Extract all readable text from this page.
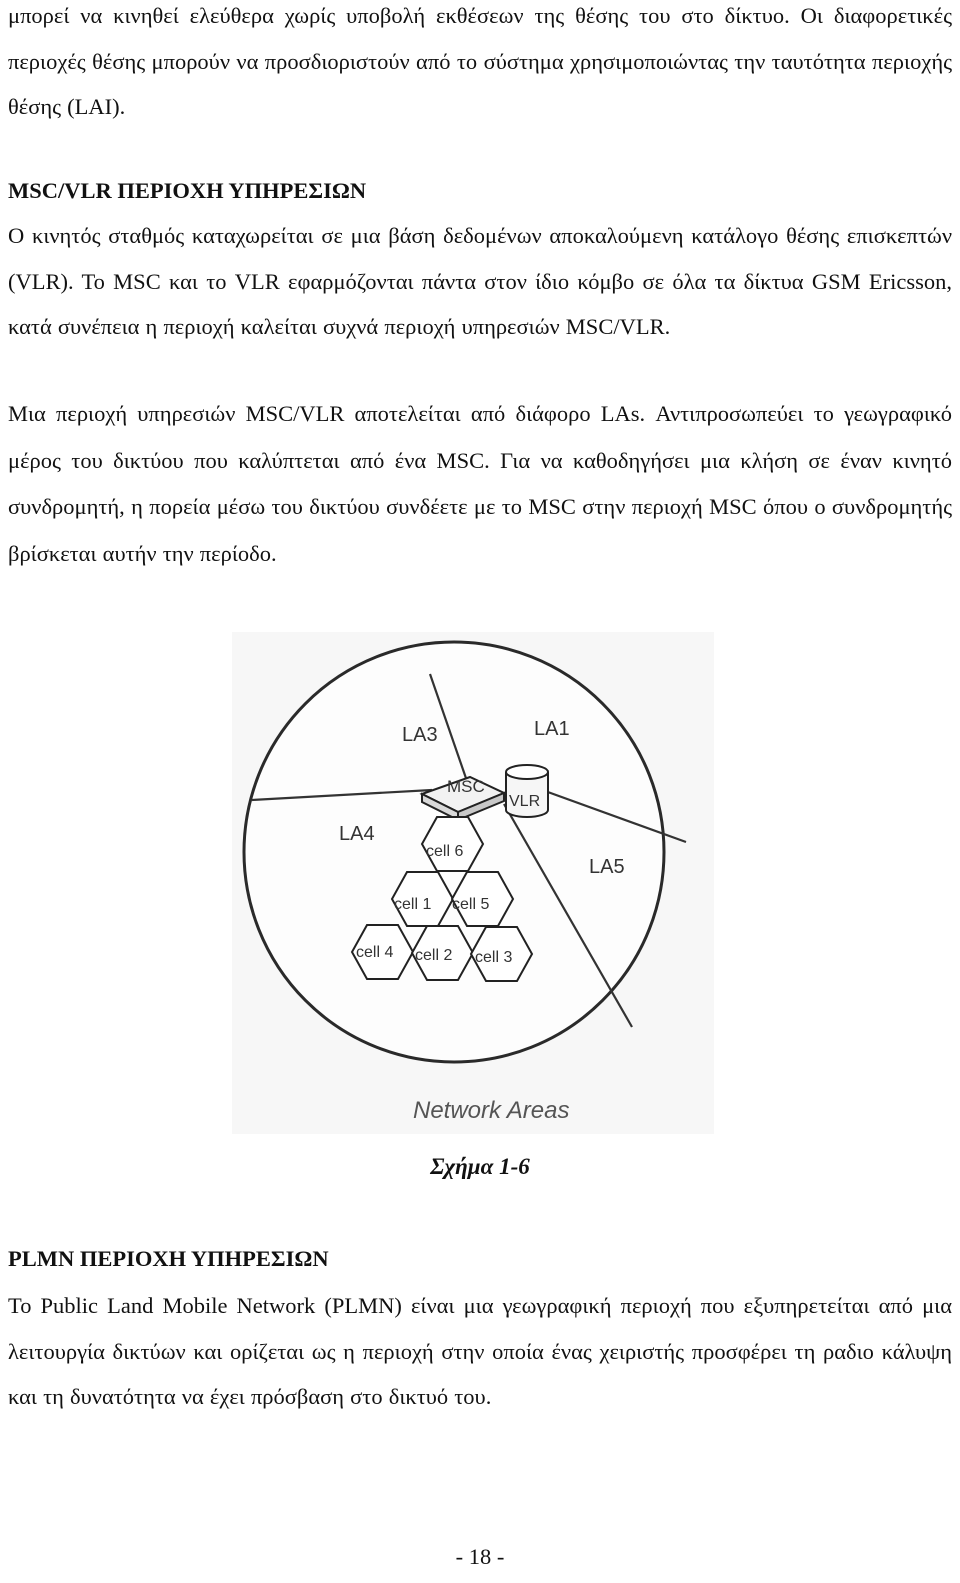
μπορεί να κινηθεί ελεύθερα χωρίς υποβολή εκθέσεων της θέσης του στο δίκτυο. Οι διαφορετικές περιοχές θέσης μπορούν να προσδιοριστούν από το σύστημα χρησιμοποιώντας την ταυτότητα περιοχής θέσης (LAI).
MSC/VLR ΠΕΡΙΟΧΗ ΥΠΗΡΕΣΙΩΝ
Ο κινητός σταθμός καταχωρείται σε μια βάση δεδομένων αποκαλούμενη κατάλογο θέσης επισκεπτών (VLR). Το MSC και το VLR εφαρμόζονται πάντα στον ίδιο κόμβο σε όλα τα δίκτυα GSM Ericsson, κατά συνέπεια η περιοχή καλείται συχνά περιοχή υπηρεσιών MSC/VLR.
Μια περιοχή υπηρεσιών MSC/VLR αποτελείται από διάφορο LAs. Αντιπροσωπεύει το γεωγραφικό μέρος του δικτύου που καλύπτεται από ένα MSC. Για να καθοδηγήσει μια κλήση σε έναν κινητό συνδρομητή, η πορεία μέσω του δικτύου συνδέετε με το MSC στην περιοχή MSC όπου ο συνδρομητής βρίσκεται αυτήν την περίοδο.
LA3	LA1
LA4
LA5
MSC
VLR
cell 6
cell 1 cell 5
cell 4 cell 2 cell 3
Network Areas
Σχήμα 1-6
PLMN ΠΕΡΙΟΧΗ ΥΠΗΡΕΣΙΩΝ
Το Public Land Mobile Network (PLMN) είναι μια γεωγραφική περιοχή που εξυπηρετείται από μια λειτουργία δικτύων και ορίζεται ως η περιοχή στην οποία ένας χειριστής προσφέρει τη ραδιο κάλυψη και τη δυνατότητα να έχει πρόσβαση στο δικτυό του.
- 18 -
